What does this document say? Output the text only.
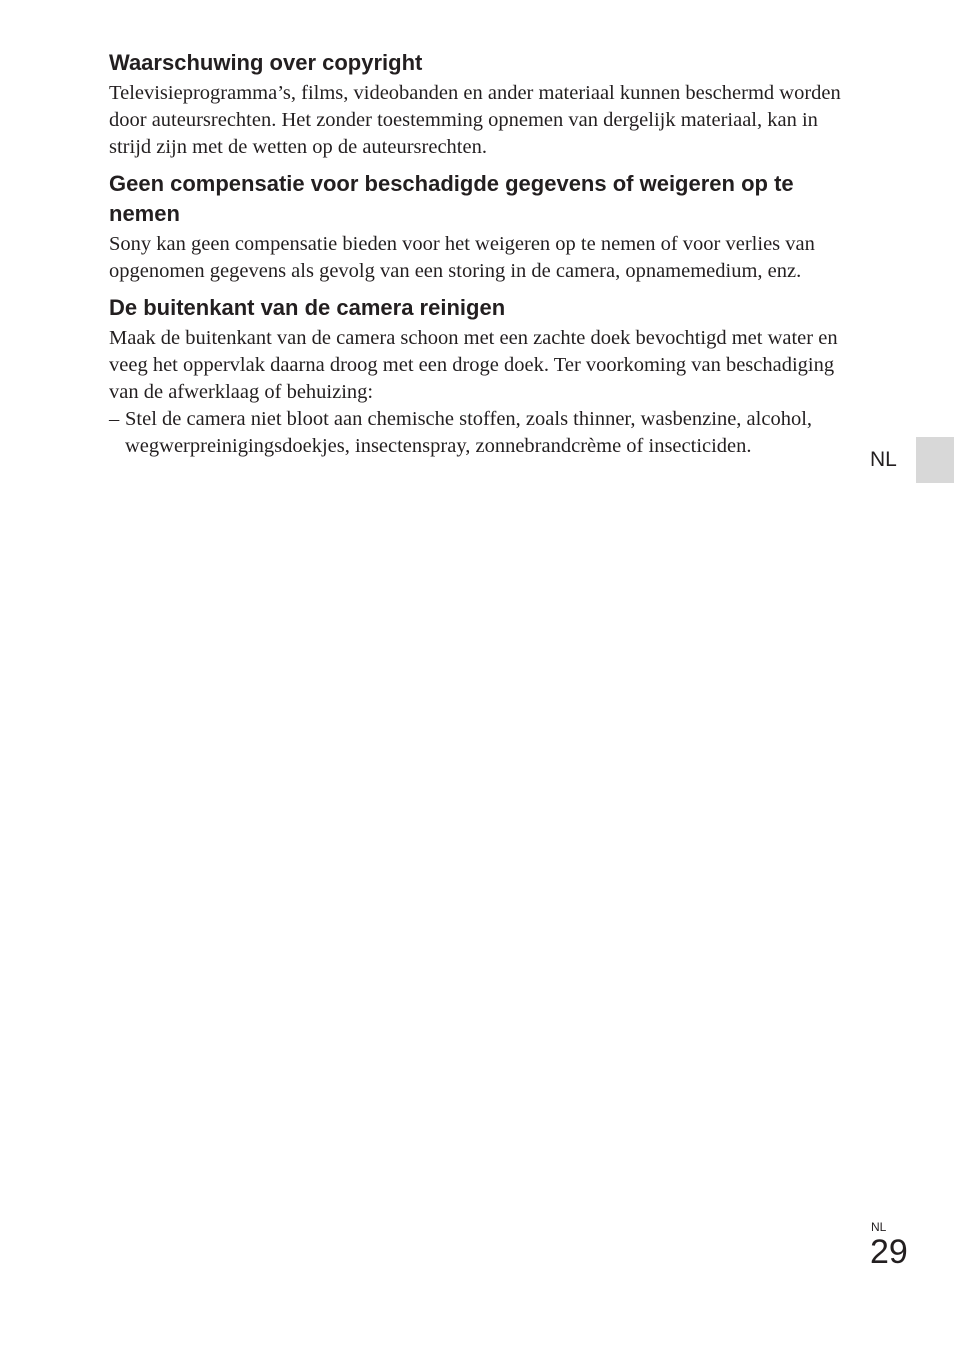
Waarschuwing over copyright

Televisieprogramma’s, films, videobanden en ander materiaal kunnen beschermd worden door auteursrechten. Het zonder toestemming opnemen van dergelijk materiaal, kan in strijd zijn met de wetten op de auteursrechten.

Geen compensatie voor beschadigde gegevens of weigeren op te nemen

Sony kan geen compensatie bieden voor het weigeren op te nemen of voor verlies van opgenomen gegevens als gevolg van een storing in de camera, opnamemedium, enz.

De buitenkant van de camera reinigen

Maak de buitenkant van de camera schoon met een zachte doek bevochtigd met water en veeg het oppervlak daarna droog met een droge doek. Ter voorkoming van beschadiging van de afwerklaag of behuizing:

– Stel de camera niet bloot aan chemische stoffen, zoals thinner, wasbenzine, alcohol, wegwerpreinigingsdoekjes, insectenspray, zonnebrandcrème of insecticiden.
NL
NL
29
